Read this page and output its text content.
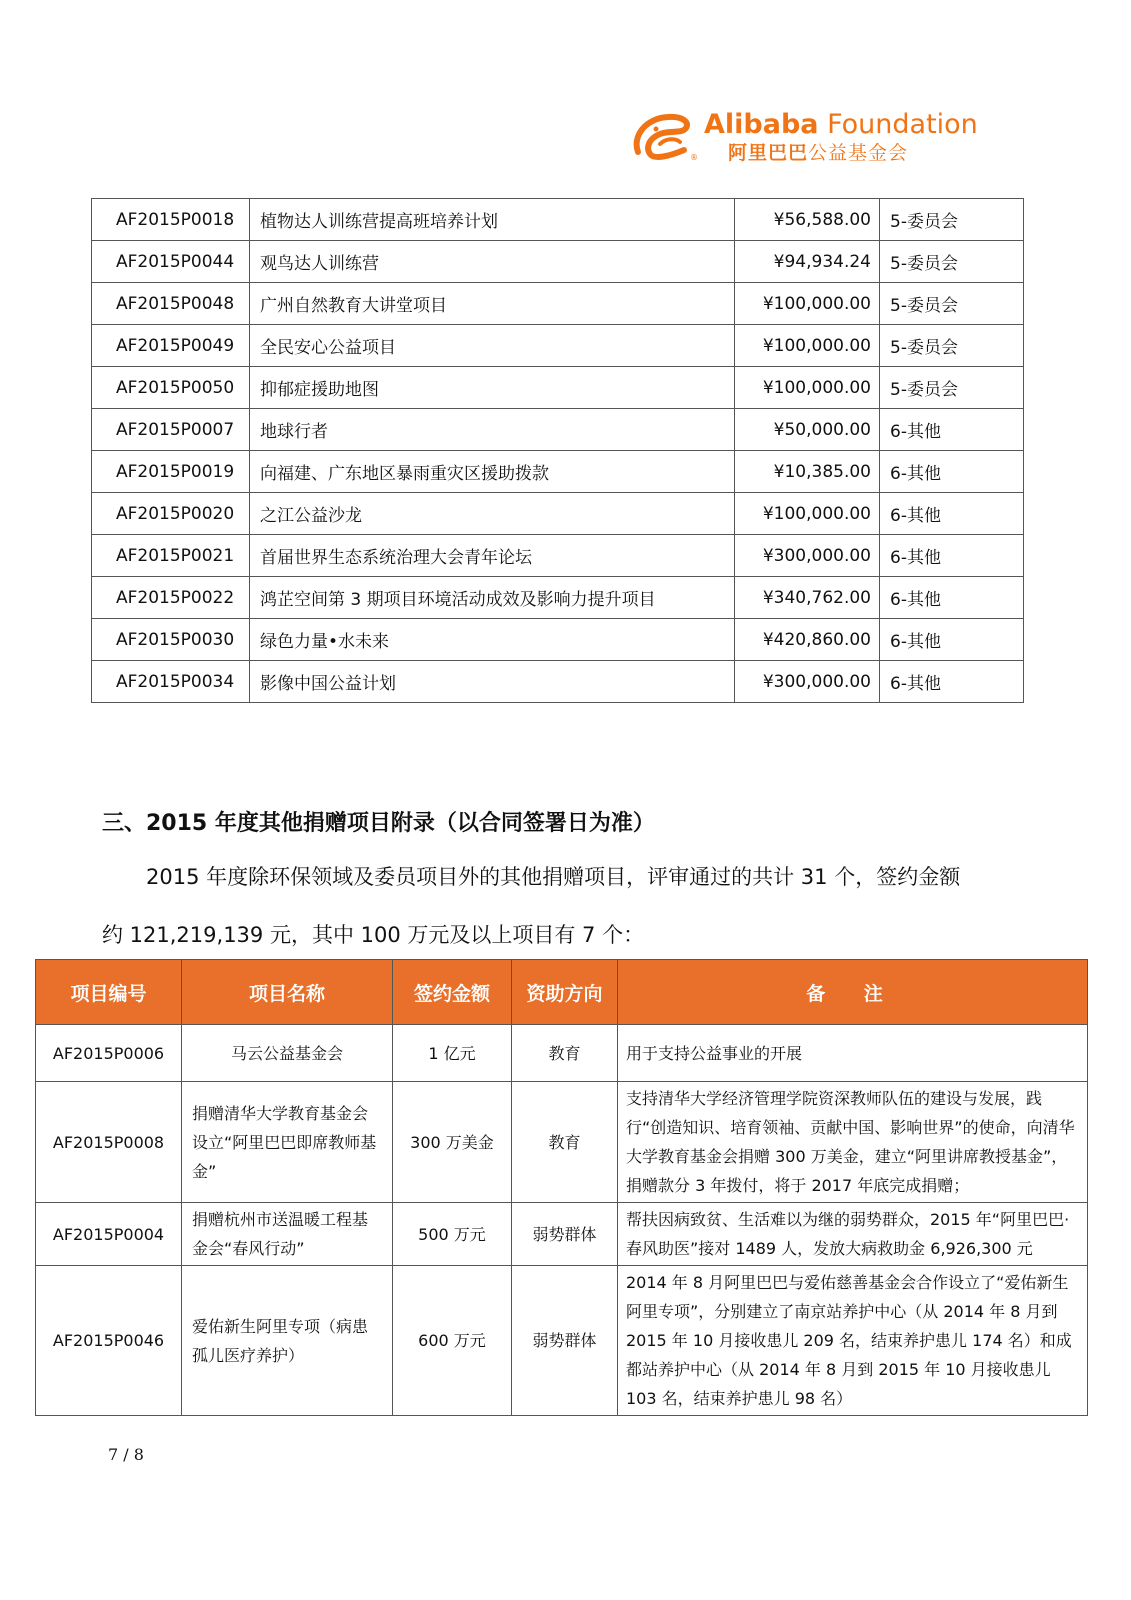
®
Alibaba Foundation
阿里巴巴公益基金会
AF2015P0018	植物达人训练营提高班培养计划	¥56,588.00	5-委员会
AF2015P0044	观鸟达人训练营	¥94,934.24	5-委员会
AF2015P0048	广州自然教育大讲堂项目	¥100,000.00	5-委员会
AF2015P0049	全民安心公益项目	¥100,000.00	5-委员会
AF2015P0050	抑郁症援助地图	¥100,000.00	5-委员会
AF2015P0007	地球行者	¥50,000.00	6-其他
AF2015P0019	向福建、广东地区暴雨重灾区援助拨款	¥10,385.00	6-其他
AF2015P0020	之江公益沙龙	¥100,000.00	6-其他
AF2015P0021	首届世界生态系统治理大会青年论坛	¥300,000.00	6-其他
AF2015P0022	鸿芷空间第 3 期项目环境活动成效及影响力提升项目	¥340,762.00	6-其他
AF2015P0030	绿色力量•水未来	¥420,860.00	6-其他
AF2015P0034	影像中国公益计划	¥300,000.00	6-其他
三、2015 年度其他捐赠项目附录（以合同签署日为准）
2015 年度除环保领域及委员项目外的其他捐赠项目，评审通过的共计 31 个，签约金额
约 121,219,139 元，其中 100 万元及以上项目有 7 个：
项目编号	项目名称	签约金额	资助方向	备 注
AF2015P0006	马云公益基金会	1 亿元	教育	用于支持公益事业的开展
AF2015P0008	捐赠清华大学教育基金会设立“阿里巴巴即席教师基金”	300 万美金	教育	支持清华大学经济管理学院资深教师队伍的建设与发展，践行“创造知识、培育领袖、贡献中国、影响世界”的使命，向清华大学教育基金会捐赠 300 万美金，建立“阿里讲席教授基金”，捐赠款分 3 年拨付，将于 2017 年底完成捐赠；
AF2015P0004	捐赠杭州市送温暖工程基金会“春风行动”	500 万元	弱势群体	帮扶因病致贫、生活难以为继的弱势群众，2015 年“阿里巴巴·春风助医”接对 1489 人，发放大病救助金 6,926,300 元
AF2015P0046	爱佑新生阿里专项（病患孤儿医疗养护）	600 万元	弱势群体	2014 年 8 月阿里巴巴与爱佑慈善基金会合作设立了“爱佑新生阿里专项”，分别建立了南京站养护中心（从 2014 年 8 月到 2015 年 10 月接收患儿 209 名，结束养护患儿 174 名）和成都站养护中心（从 2014 年 8 月到 2015 年 10 月接收患儿 103 名，结束养护患儿 98 名）
7 / 8
